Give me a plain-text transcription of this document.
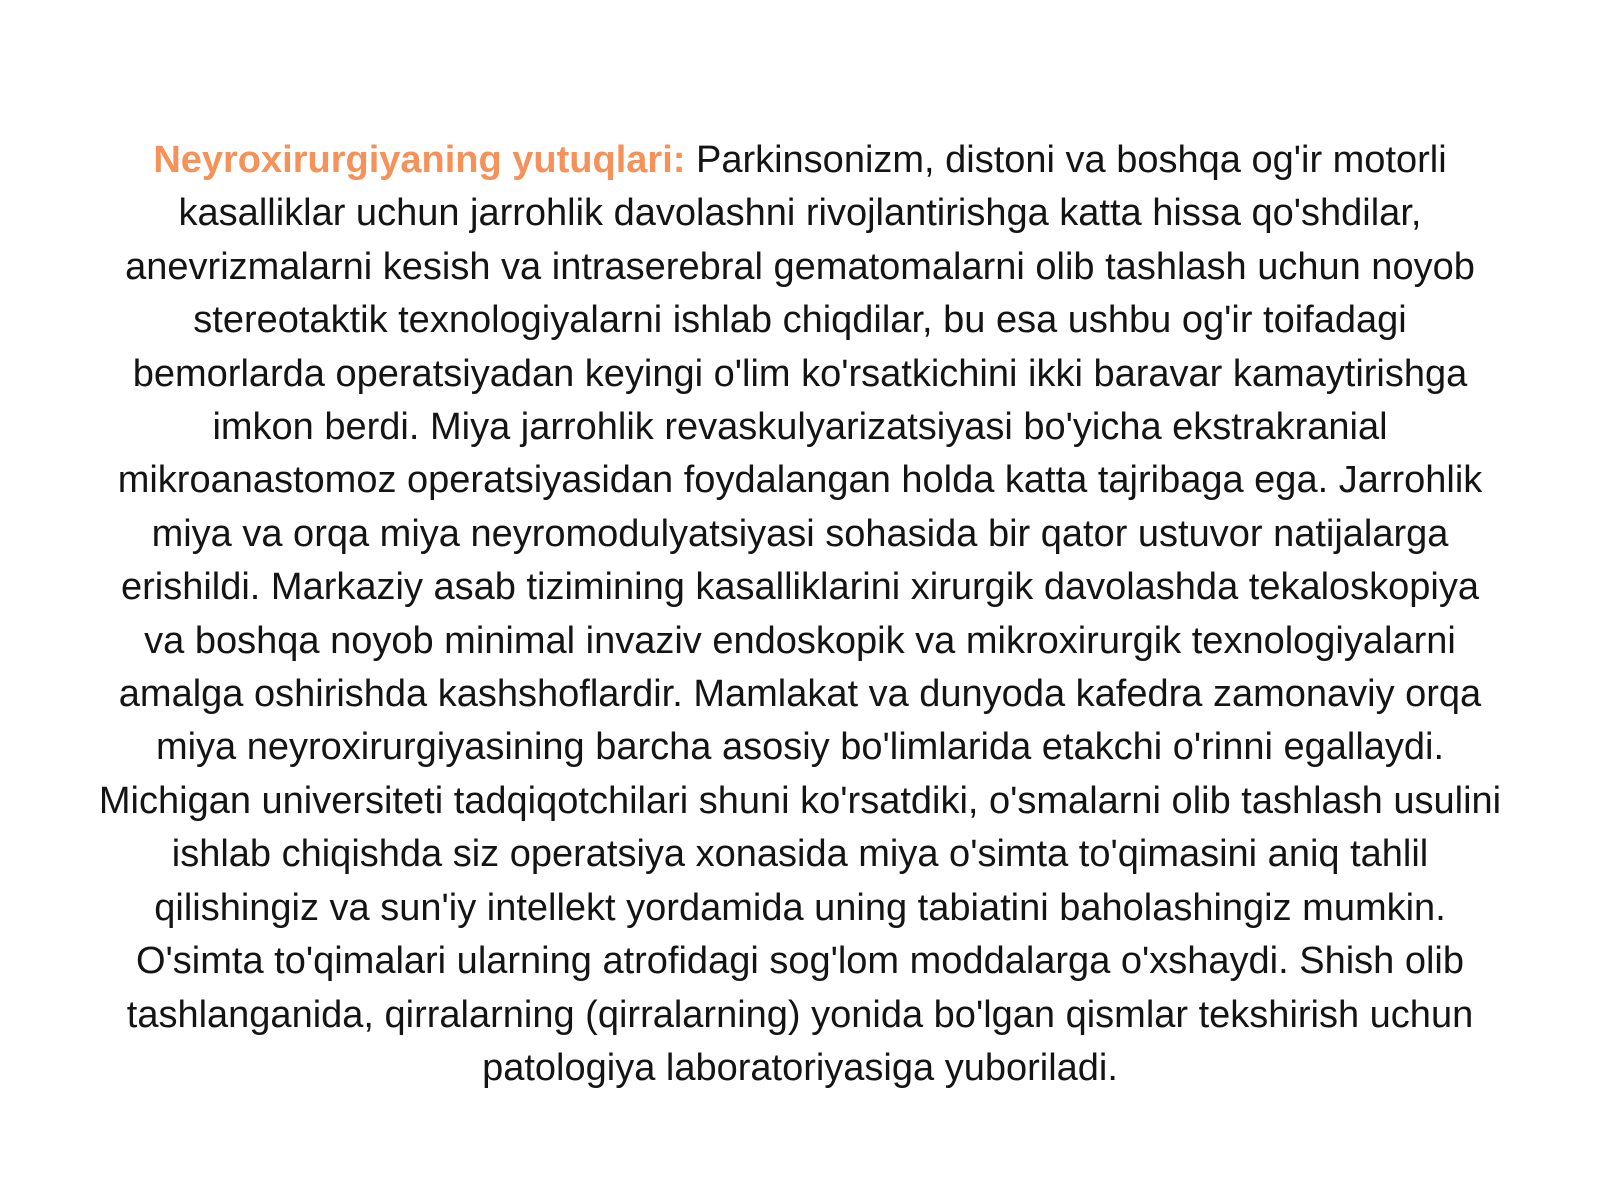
Neyroxirurgiyaning yutuqlari: Parkinsonizm, distoni va boshqa og'ir motorli kasalliklar uchun jarrohlik davolashni rivojlantirishga katta hissa qo'shdilar, anevrizmalarni kesish va intraserebral gematomalarni olib tashlash uchun noyob stereotaktik texnologiyalarni ishlab chiqdilar, bu esa ushbu og'ir toifadagi bemorlarda operatsiyadan keyingi o'lim ko'rsatkichini ikki baravar kamaytirishga imkon berdi. Miya jarrohlik revaskulyarizatsiyasi bo'yicha ekstrakranial mikroanastomoz operatsiyasidan foydalangan holda katta tajribaga ega. Jarrohlik miya va orqa miya neyromodulyatsiyasi sohasida bir qator ustuvor natijalarga erishildi. Markaziy asab tizimining kasalliklarini xirurgik davolashda tekaloskopiya va boshqa noyob minimal invaziv endoskopik va mikroxirurgik texnologiyalarni amalga oshirishda kashshoflardir. Mamlakat va dunyoda kafedra zamonaviy orqa miya neyroxirurgiyasining barcha asosiy bo'limlarida etakchi o'rinni egallaydi. Michigan universiteti tadqiqotchilari shuni ko'rsatdiki, o'smalarni olib tashlash usulini ishlab chiqishda siz operatsiya xonasida miya o'simta to'qimasini aniq tahlil qilishingiz va sun'iy intellekt yordamida uning tabiatini baholashingiz mumkin. O'simta to'qimalari ularning atrofidagi sog'lom moddalarga o'xshaydi. Shish olib tashlanganida, qirralarning (qirralarning) yonida bo'lgan qismlar tekshirish uchun patologiya laboratoriyasiga yuboriladi.
